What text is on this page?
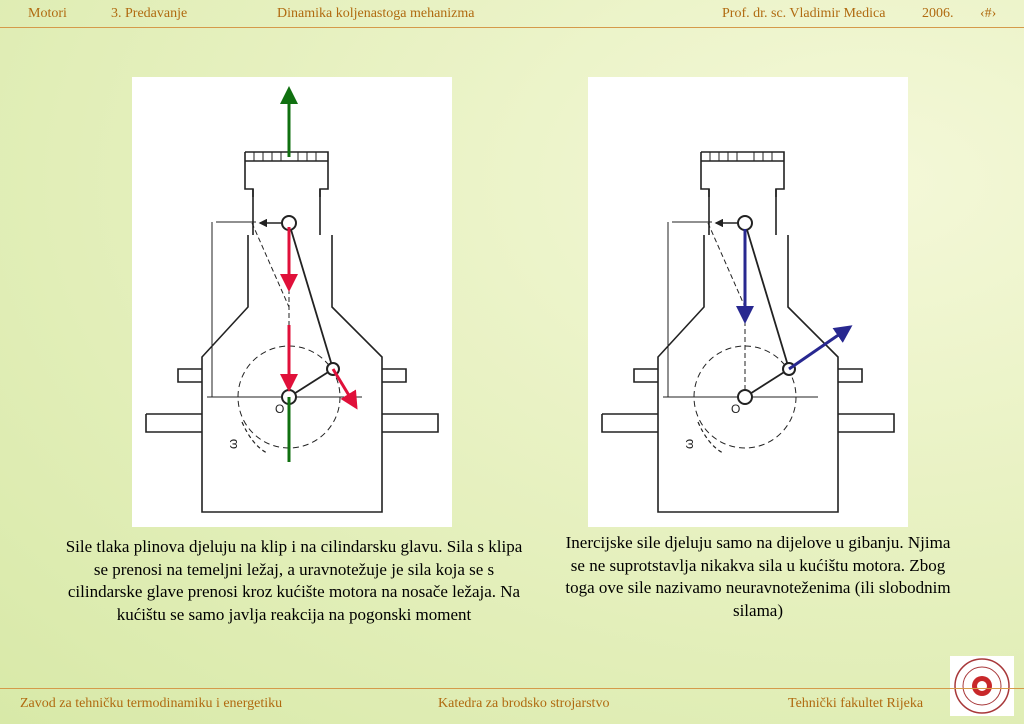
Motori	3. Predavanje	Dinamika koljenastoga mehanizma	Prof. dr. sc. Vladimir Medica	2006. ‹#›
O
ω
O
ω
Sile tlaka plinova djeluju na klip i na cilindarsku glavu. Sila s klipa se prenosi na temeljni ležaj, a uravnotežuje je sila koja se s cilindarske glave prenosi kroz kućište motora na nosače ležaja. Na kućištu se samo javlja reakcija na pogonski moment
Inercijske sile djeluju samo na dijelove u gibanju. Njima se ne suprotstavlja nikakva sila u kućištu motora. Zbog toga ove sile nazivamo neuravnoteženima (ili slobodnim silama)
Zavod za tehničku termodinamiku i energetiku	Katedra za brodsko strojarstvo	Tehnički fakultet Rijeka
